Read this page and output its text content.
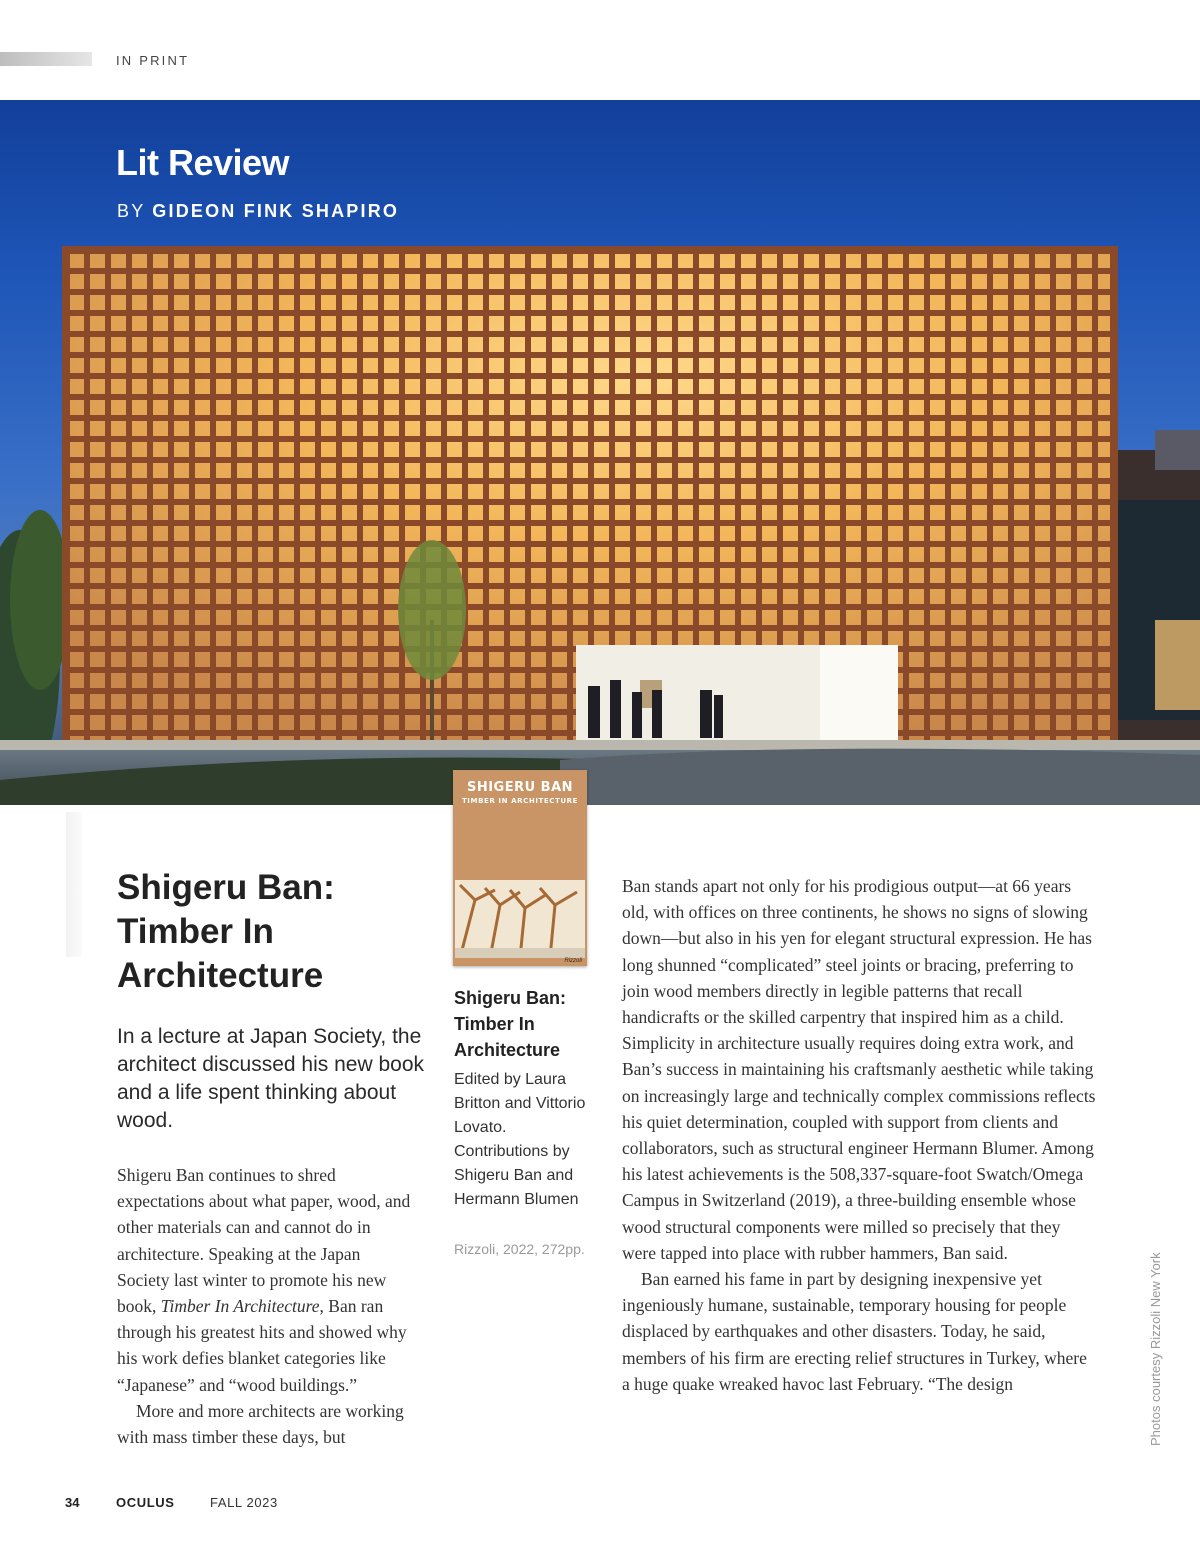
IN PRINT
Lit Review
BY GIDEON FINK SHAPIRO
SHIGERU BAN
TIMBER IN ARCHITECTURE
Rizzoli
Shigeru Ban: Timber In Architecture
In a lecture at Japan Society, the architect discussed his new book and a life spent thinking about wood.

Shigeru Ban continues to shred expectations about what paper, wood, and other materials can and cannot do in architecture. Speaking at the Japan Society last winter to promote his new book, Timber In Architecture, Ban ran through his greatest hits and showed why his work defies blanket categories like “Japanese” and “wood buildings.”

More and more architects are working with mass timber these days, but

Shigeru Ban: Timber In Architecture
Edited by Laura Britton and Vittorio Lovato. Contributions by Shigeru Ban and Hermann Blumen
Rizzoli, 2022, 272pp.

Ban stands apart not only for his prodigious output—at 66 years old, with offices on three continents, he shows no signs of slowing down—but also in his yen for elegant structural expression. He has long shunned “complicated” steel joints or bracing, preferring to join wood members directly in legible patterns that recall handicrafts or the skilled carpentry that inspired him as a child. Simplicity in architecture usually requires doing extra work, and Ban’s success in maintaining his craftsmanly aesthetic while taking on increasingly large and technically complex commissions reflects his quiet determination, coupled with support from clients and collaborators, such as structural engineer Hermann Blumer. Among his latest achievements is the 508,337-square-foot Swatch/Omega Campus in Switzerland (2019), a three-building ensemble whose wood structural components were milled so precisely that they were tapped into place with rubber hammers, Ban said.

Ban earned his fame in part by designing inexpensive yet ingeniously humane, sustainable, temporary housing for people displaced by earthquakes and other disasters. Today, he said, members of his firm are erecting relief structures in Turkey, where a huge quake wreaked havoc last February. “The design	Photos courtesy Rizzoli New York
34	OCULUS	FALL 2023
